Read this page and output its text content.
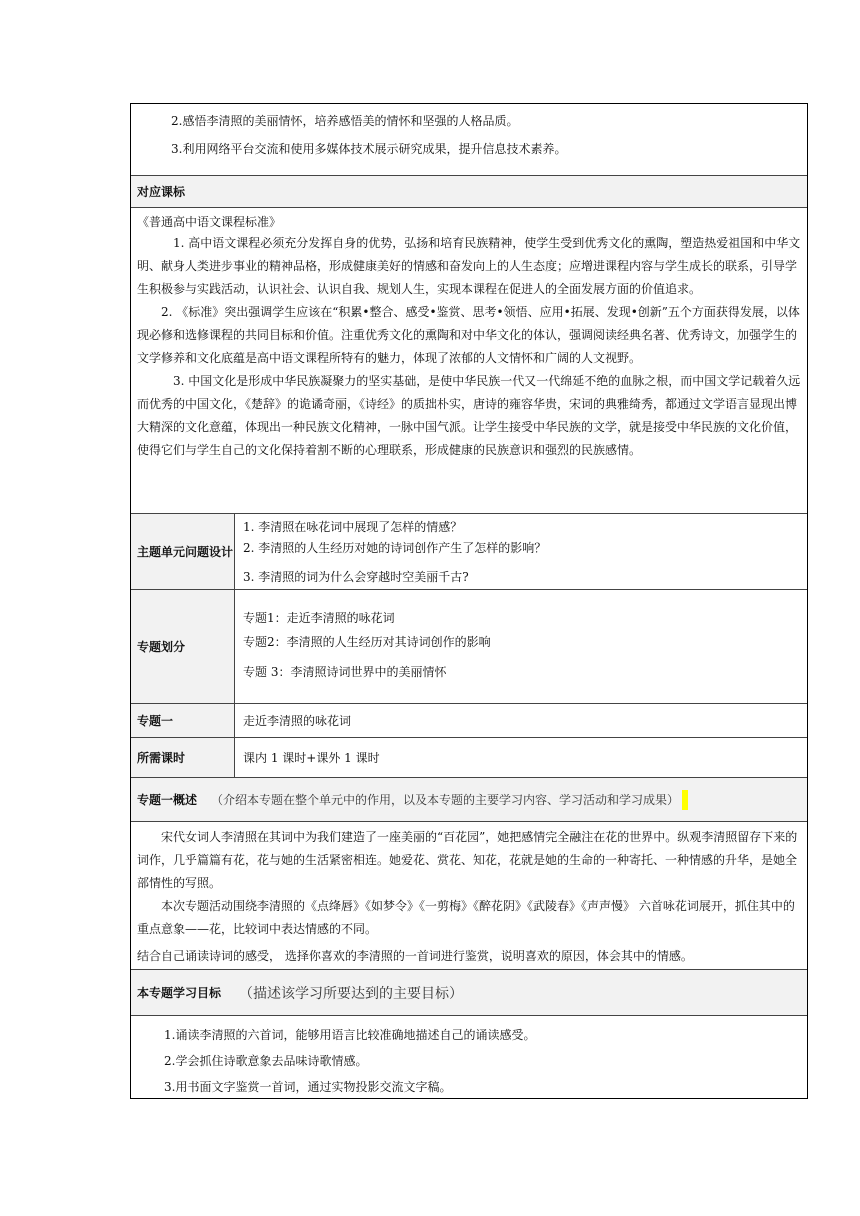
2.感悟李清照的美丽情怀，培养感悟美的情怀和坚强的人格品质。

3.利用网络平台交流和使用多媒体技术展示研究成果，提升信息技术素养。

对应课标

《普通高中语文课程标准》

1. 高中语文课程必须充分发挥自身的优势，弘扬和培育民族精神，使学生受到优秀文化的熏陶，塑造热爱祖国和中华文明、献身人类进步事业的精神品格，形成健康美好的情感和奋发向上的人生态度；应增进课程内容与学生成长的联系，引导学生积极参与实践活动，认识社会、认识自我、规划人生，实现本课程在促进人的全面发展方面的价值追求。

2. 《标准》突出强调学生应该在“积累•整合、感受•鉴赏、思考•领悟、应用•拓展、发现•创新”五个方面获得发展，以体现必修和选修课程的共同目标和价值。注重优秀文化的熏陶和对中华文化的体认，强调阅读经典名著、优秀诗文，加强学生的文学修养和文化底蕴是高中语文课程所特有的魅力，体现了浓郁的人文情怀和广阔的人文视野。

3. 中国文化是形成中华民族凝聚力的坚实基础，是使中华民族一代又一代绵延不绝的血脉之根，而中国文学记载着久远而优秀的中国文化，《楚辞》的诡谲奇丽，《诗经》的质拙朴实，唐诗的雍容华贵，宋词的典雅绮秀，都通过文学语言显现出博大精深的文化意蕴，体现出一种民族文化精神，一脉中国气派。让学生接受中华民族的文学，就是接受中华民族的文化价值，使得它们与学生自己的文化保持着割不断的心理联系，形成健康的民族意识和强烈的民族感情。

主题单元问题设计

1. 李清照在咏花词中展现了怎样的情感？

2. 李清照的人生经历对她的诗词创作产生了怎样的影响？

3. 李清照的词为什么会穿越时空美丽千古?

专题划分

专题1：走近李清照的咏花词

专题2：李清照的人生经历对其诗词创作的影响

专题 3：李清照诗词世界中的美丽情怀

专题一	走近李清照的咏花词
所需课时	课内 1 课时+课外 1 课时
专题一概述 （介绍本专题在整个单元中的作用，以及本专题的主要学习内容、学习活动和学习成果）

宋代女词人李清照在其词中为我们建造了一座美丽的“百花园”，她把感情完全融注在花的世界中。纵观李清照留存下来的词作，几乎篇篇有花，花与她的生活紧密相连。她爱花、赏花、知花，花就是她的生命的一种寄托、一种情感的升华，是她全部情性的写照。

本次专题活动围绕李清照的《点绛唇》《如梦令》《一剪梅》《醉花阴》《武陵春》《声声慢》 六首咏花词展开，抓住其中的重点意象——花，比较词中表达情感的不同。

结合自己诵读诗词的感受， 选择你喜欢的李清照的一首词进行鉴赏，说明喜欢的原因，体会其中的情感。

本专题学习目标 （描述该学习所要达到的主要目标）

1.诵读李清照的六首词，能够用语言比较准确地描述自己的诵读感受。

2.学会抓住诗歌意象去品味诗歌情感。

3.用书面文字鉴赏一首词，通过实物投影交流文字稿。
